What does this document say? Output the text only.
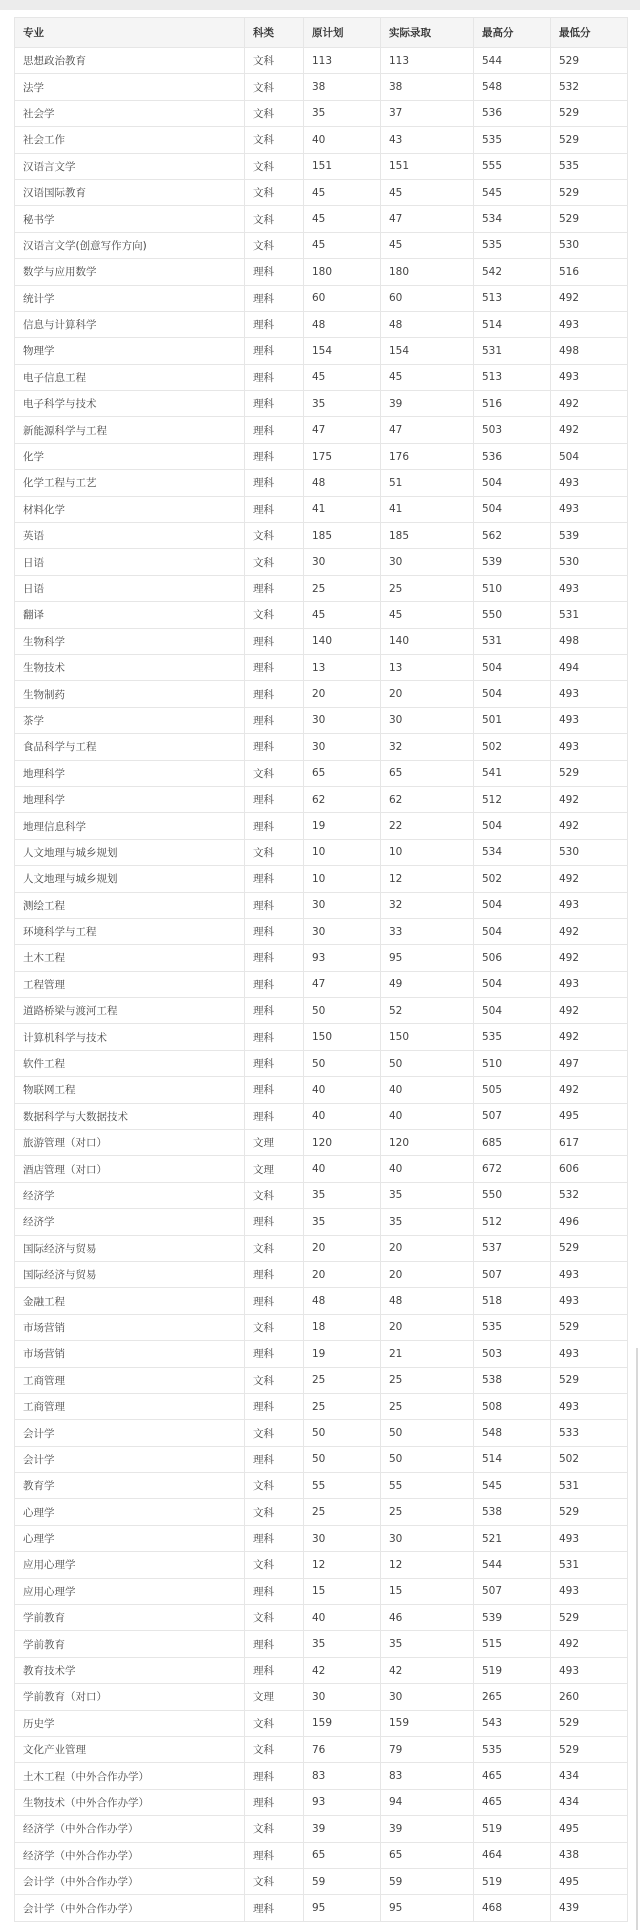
专业	科类	原计划	实际录取	最高分	最低分
思想政治教育	文科	113	113	544	529
法学	文科	38	38	548	532
社会学	文科	35	37	536	529
社会工作	文科	40	43	535	529
汉语言文学	文科	151	151	555	535
汉语国际教育	文科	45	45	545	529
秘书学	文科	45	47	534	529
汉语言文学(创意写作方向)	文科	45	45	535	530
数学与应用数学	理科	180	180	542	516
统计学	理科	60	60	513	492
信息与计算科学	理科	48	48	514	493
物理学	理科	154	154	531	498
电子信息工程	理科	45	45	513	493
电子科学与技术	理科	35	39	516	492
新能源科学与工程	理科	47	47	503	492
化学	理科	175	176	536	504
化学工程与工艺	理科	48	51	504	493
材料化学	理科	41	41	504	493
英语	文科	185	185	562	539
日语	文科	30	30	539	530
日语	理科	25	25	510	493
翻译	文科	45	45	550	531
生物科学	理科	140	140	531	498
生物技术	理科	13	13	504	494
生物制药	理科	20	20	504	493
茶学	理科	30	30	501	493
食品科学与工程	理科	30	32	502	493
地理科学	文科	65	65	541	529
地理科学	理科	62	62	512	492
地理信息科学	理科	19	22	504	492
人文地理与城乡规划	文科	10	10	534	530
人文地理与城乡规划	理科	10	12	502	492
测绘工程	理科	30	32	504	493
环境科学与工程	理科	30	33	504	492
土木工程	理科	93	95	506	492
工程管理	理科	47	49	504	493
道路桥梁与渡河工程	理科	50	52	504	492
计算机科学与技术	理科	150	150	535	492
软件工程	理科	50	50	510	497
物联网工程	理科	40	40	505	492
数据科学与大数据技术	理科	40	40	507	495
旅游管理（对口）	文理	120	120	685	617
酒店管理（对口）	文理	40	40	672	606
经济学	文科	35	35	550	532
经济学	理科	35	35	512	496
国际经济与贸易	文科	20	20	537	529
国际经济与贸易	理科	20	20	507	493
金融工程	理科	48	48	518	493
市场营销	文科	18	20	535	529
市场营销	理科	19	21	503	493
工商管理	文科	25	25	538	529
工商管理	理科	25	25	508	493
会计学	文科	50	50	548	533
会计学	理科	50	50	514	502
教育学	文科	55	55	545	531
心理学	文科	25	25	538	529
心理学	理科	30	30	521	493
应用心理学	文科	12	12	544	531
应用心理学	理科	15	15	507	493
学前教育	文科	40	46	539	529
学前教育	理科	35	35	515	492
教育技术学	理科	42	42	519	493
学前教育（对口）	文理	30	30	265	260
历史学	文科	159	159	543	529
文化产业管理	文科	76	79	535	529
土木工程（中外合作办学）	理科	83	83	465	434
生物技术（中外合作办学）	理科	93	94	465	434
经济学（中外合作办学）	文科	39	39	519	495
经济学（中外合作办学）	理科	65	65	464	438
会计学（中外合作办学）	文科	59	59	519	495
会计学（中外合作办学）	理科	95	95	468	439
